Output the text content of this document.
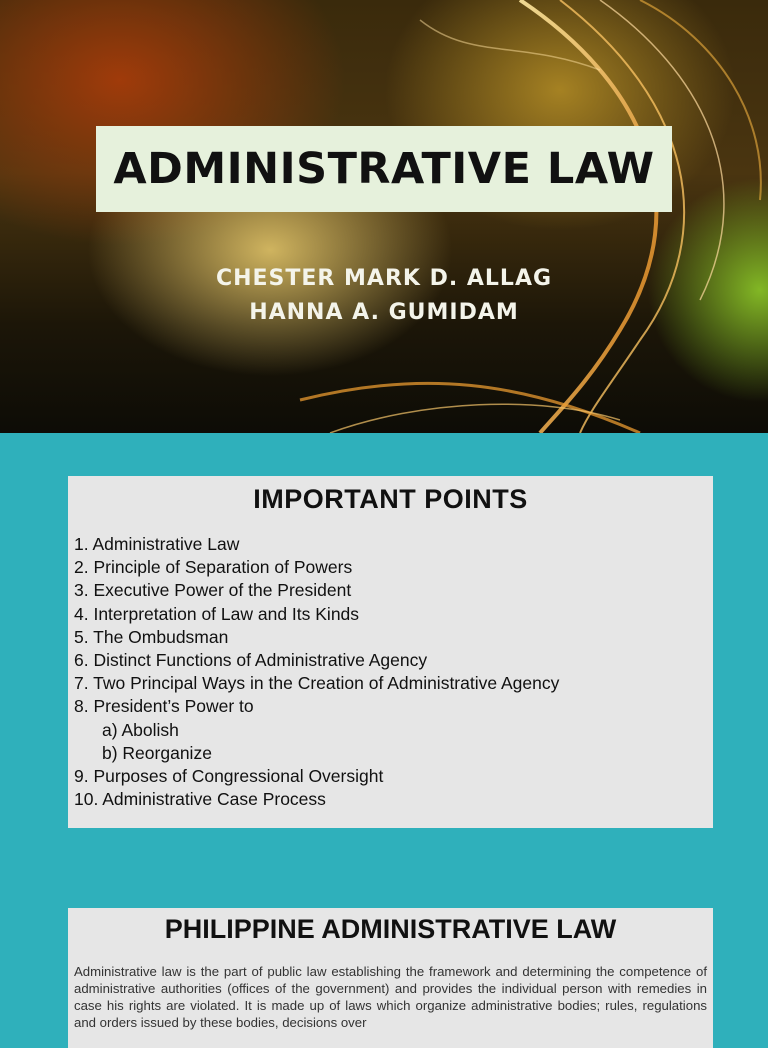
ADMINISTRATIVE LAW
CHESTER MARK D. ALLAG
HANNA A. GUMIDAM
IMPORTANT POINTS
1. Administrative Law
2. Principle of Separation of Powers
3. Executive Power of the President
4. Interpretation of Law and Its Kinds
5. The Ombudsman
6. Distinct Functions of Administrative Agency
7. Two Principal Ways in the Creation of Administrative Agency
8. President’s Power to
a) Abolish
b) Reorganize
9. Purposes of Congressional Oversight
10. Administrative Case Process
PHILIPPINE ADMINISTRATIVE LAW

Administrative law is the part of public law establishing the framework and determining the competence of administrative authorities (offices of the government) and provides the individual person with remedies in case his rights are violated. It is made up of laws which organize administrative bodies; rules, regulations and orders issued by these bodies, decisions over
